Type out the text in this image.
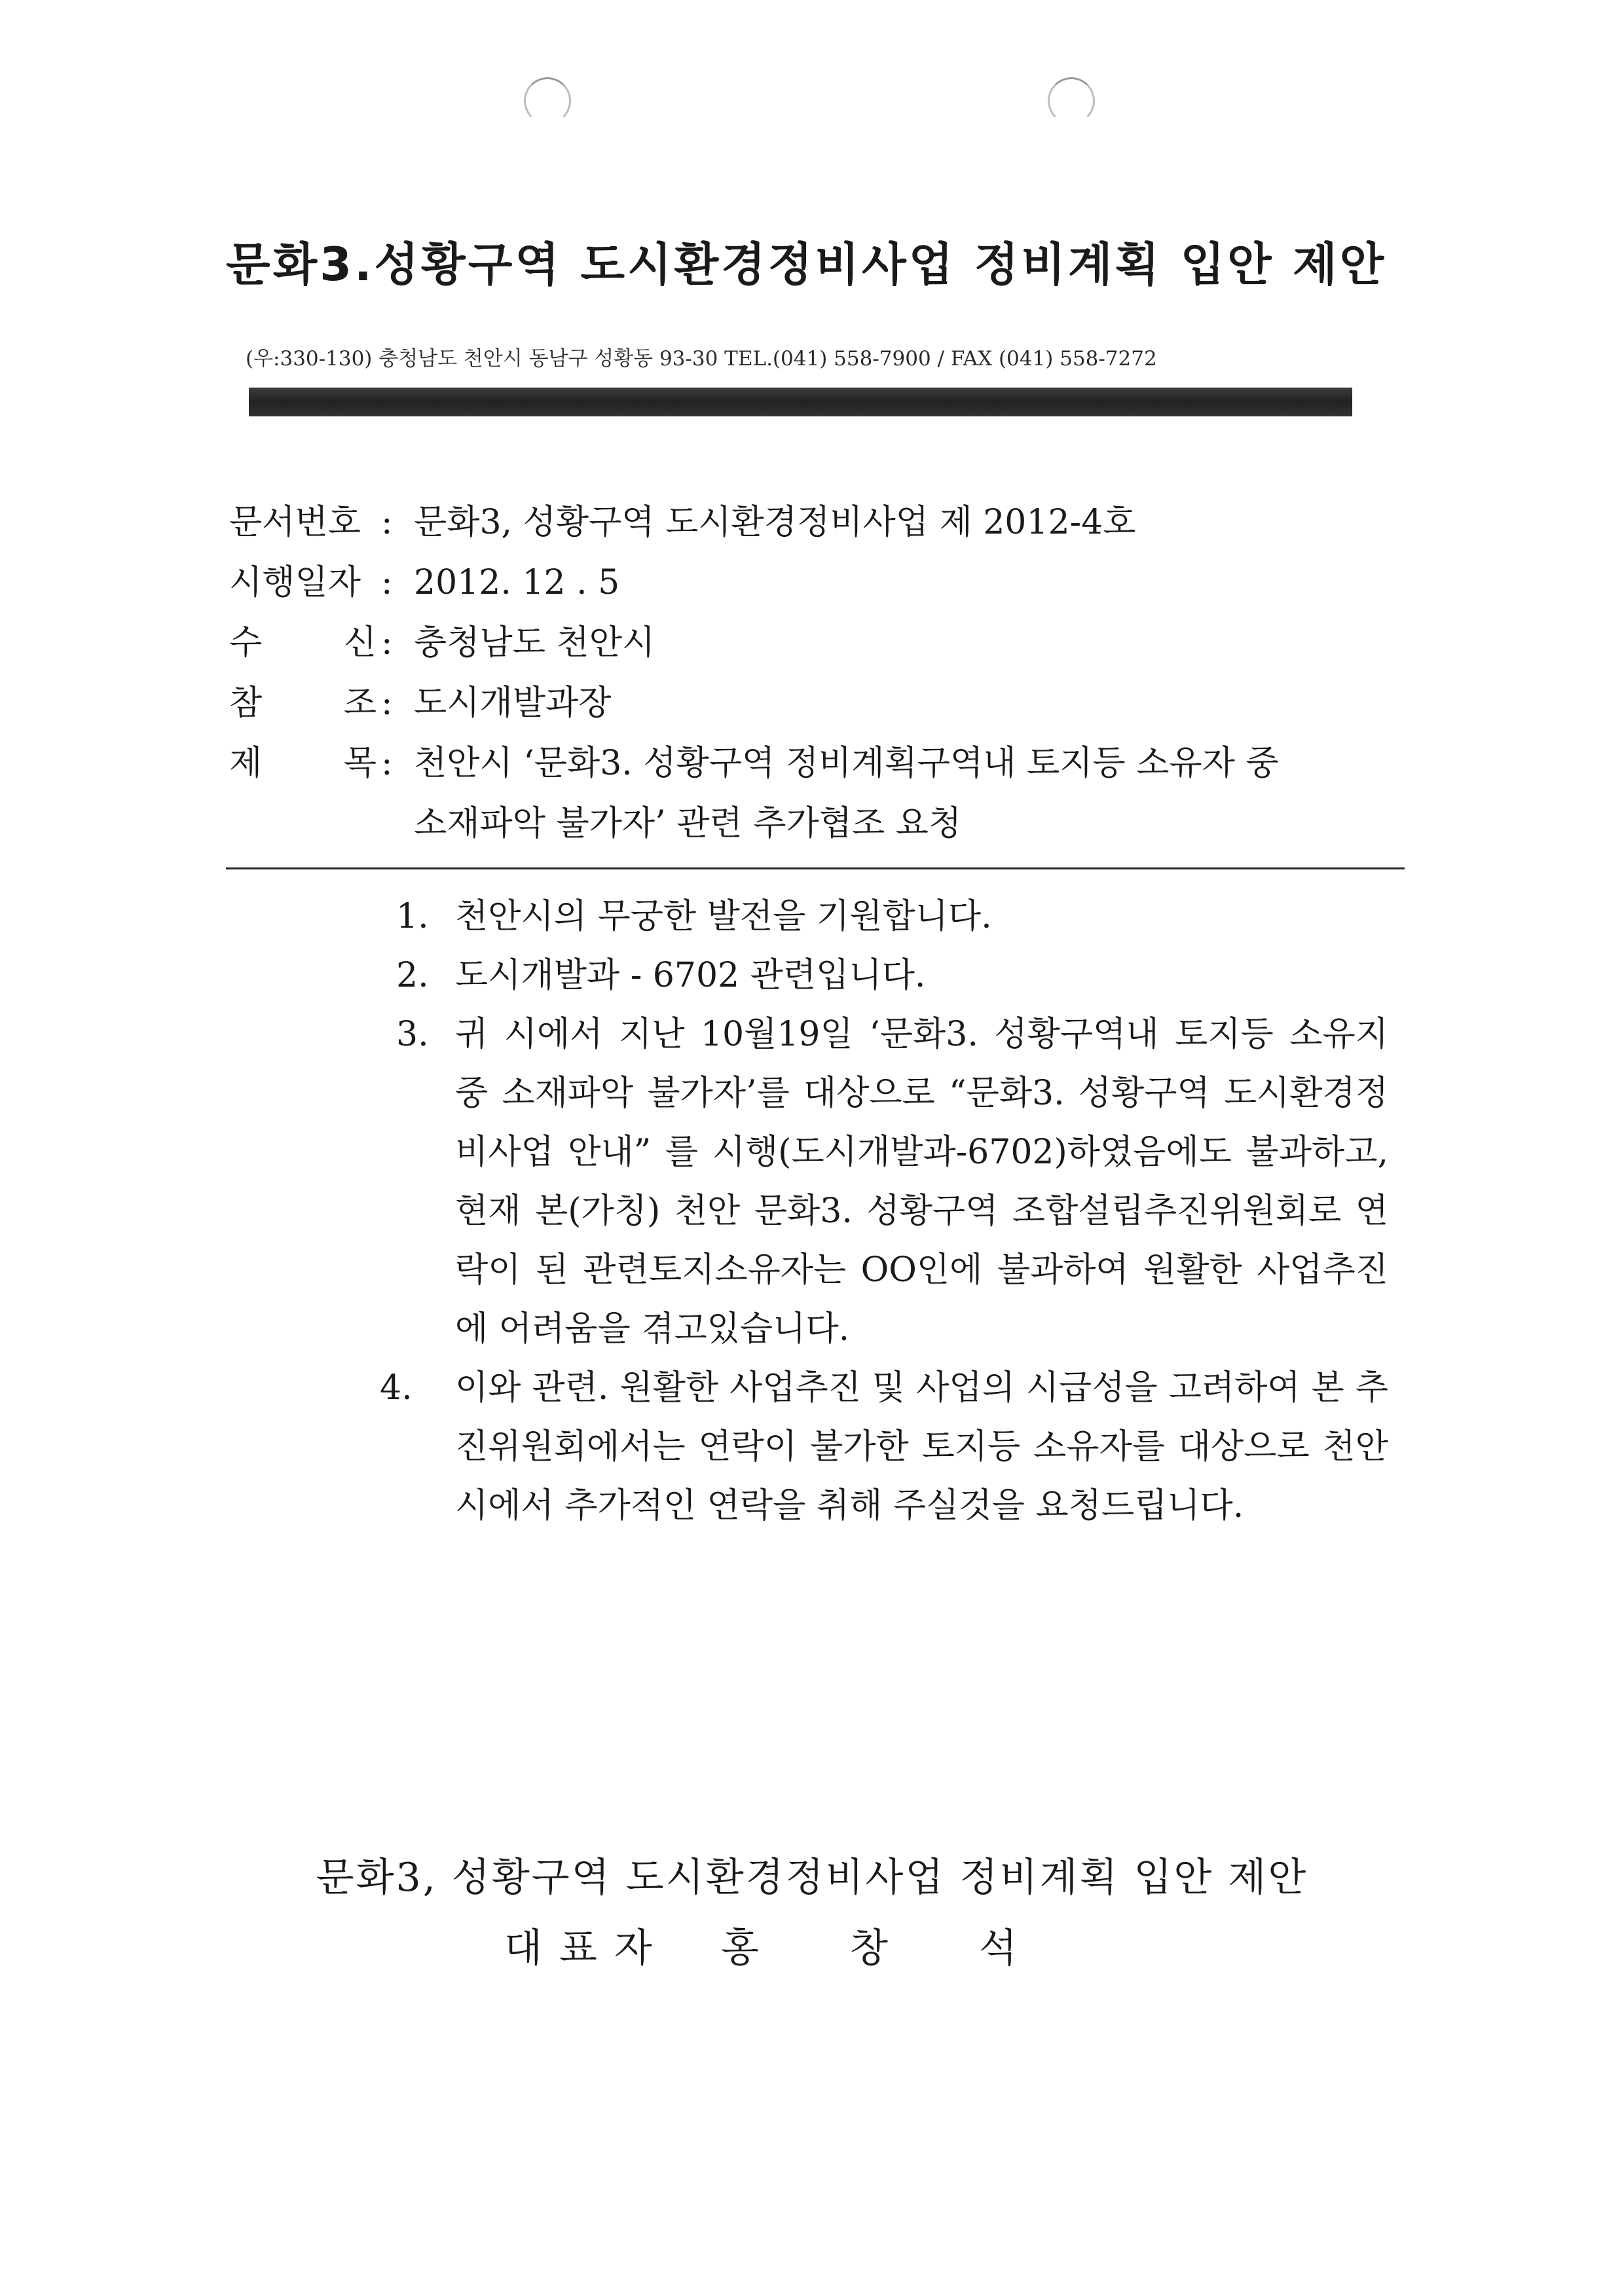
문화3.성황구역 도시환경정비사업 정비계획 입안 제안
(우:330-130) 충청남도 천안시 동남구 성황동 93-30 TEL.(041) 558-7900 / FAX (041) 558-7272
문서번호 : 문화3, 성황구역 도시환경정비사업 제 2012-4호
시행일자 : 2012. 12 . 5
수 신 : 충청남도 천안시
참 조 : 도시개발과장
제 목 : 천안시 ‘문화3. 성황구역 정비계획구역내 토지등 소유자 중
소재파악 불가자’ 관련 추가협조 요청
1. 천안시의 무궁한 발전을 기원합니다.
2. 도시개발과 - 6702 관련입니다.
3. 귀 시에서 지난 10월19일 ‘문화3. 성황구역내 토지등 소유지 중 소재파악 불가자’를 대상으로 “문화3. 성황구역 도시환경정비사업 안내” 를 시행(도시개발과-6702)하였음에도 불과하고, 현재 본(가칭) 천안 문화3. 성황구역 조합설립추진위원회로 연락이 된 관련토지소유자는 OO인에 불과하여 원활한 사업추진에 어려움을 겪고있습니다.
4. 이와 관련. 원활한 사업추진 및 사업의 시급성을 고려하여 본 추진위원회에서는 연락이 불가한 토지등 소유자를 대상으로 천안시에서 추가적인 연락을 취해 주실것을 요청드립니다.
문화3, 성황구역 도시환경정비사업 정비계획 입안 제안
대표자 홍 창 석
